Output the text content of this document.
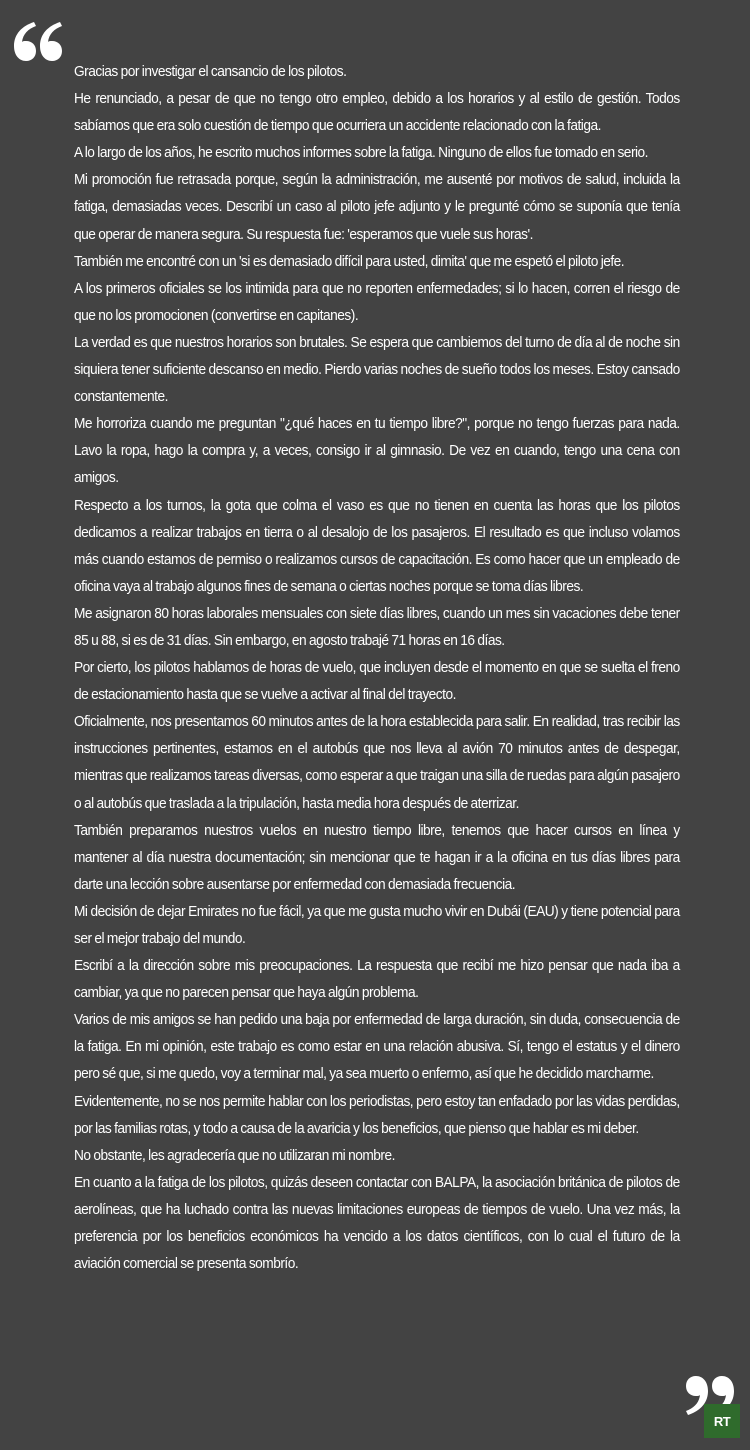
Gracias por investigar el cansancio de los pilotos.

He renunciado, a pesar de que no tengo otro empleo, debido a los horarios y al estilo de gestión. Todos sabíamos que era solo cuestión de tiempo que ocurriera un accidente relacionado con la fatiga.

A lo largo de los años, he escrito muchos informes sobre la fatiga. Ninguno de ellos fue tomado en serio.

Mi promoción fue retrasada porque, según la administración, me ausenté por motivos de salud, incluida la fatiga, demasiadas veces. Describí un caso al piloto jefe adjunto y le pregunté cómo se suponía que tenía que operar de manera segura. Su respuesta fue: 'esperamos que vuele sus horas'.

También me encontré con un 'si es demasiado difícil para usted, dimita' que me espetó el piloto jefe.

A los primeros oficiales se los intimida para que no reporten enfermedades; si lo hacen, corren el riesgo de que no los promocionen (convertirse en capitanes).

La verdad es que nuestros horarios son brutales. Se espera que cambiemos del turno de día al de noche sin siquiera tener suficiente descanso en medio. Pierdo varias noches de sueño todos los meses. Estoy cansado constantemente.

Me horroriza cuando me preguntan "¿qué haces en tu tiempo libre?", porque no tengo fuerzas para nada. Lavo la ropa, hago la compra y, a veces, consigo ir al gimnasio. De vez en cuando, tengo una cena con amigos.

Respecto a los turnos, la gota que colma el vaso es que no tienen en cuenta las horas que los pilotos dedicamos a realizar trabajos en tierra o al desalojo de los pasajeros. El resultado es que incluso volamos más cuando estamos de permiso o realizamos cursos de capacitación. Es como hacer que un empleado de oficina vaya al trabajo algunos fines de semana o ciertas noches porque se toma días libres.

Me asignaron 80 horas laborales mensuales con siete días libres, cuando un mes sin vacaciones debe tener 85 u 88, si es de 31 días. Sin embargo, en agosto trabajé 71 horas en 16 días.

Por cierto, los pilotos hablamos de horas de vuelo, que incluyen desde el momento en que se suelta el freno de estacionamiento hasta que se vuelve a activar al final del trayecto.

Oficialmente, nos presentamos 60 minutos antes de la hora establecida para salir. En realidad, tras recibir las instrucciones pertinentes, estamos en el autobús que nos lleva al avión 70 minutos antes de despegar, mientras que realizamos tareas diversas, como esperar a que traigan una silla de ruedas para algún pasajero o al autobús que traslada a la tripulación, hasta media hora después de aterrizar.

También preparamos nuestros vuelos en nuestro tiempo libre, tenemos que hacer cursos en línea y mantener al día nuestra documentación; sin mencionar que te hagan ir a la oficina en tus días libres para darte una lección sobre ausentarse por enfermedad con demasiada frecuencia.

Mi decisión de dejar Emirates no fue fácil, ya que me gusta mucho vivir en Dubái (EAU) y tiene potencial para ser el mejor trabajo del mundo.

Escribí a la dirección sobre mis preocupaciones. La respuesta que recibí me hizo pensar que nada iba a cambiar, ya que no parecen pensar que haya algún problema.

Varios de mis amigos se han pedido una baja por enfermedad de larga duración, sin duda, consecuencia de la fatiga. En mi opinión, este trabajo es como estar en una relación abusiva. Sí, tengo el estatus y el dinero pero sé que, si me quedo, voy a terminar mal, ya sea muerto o enfermo, así que he decidido marcharme.

Evidentemente, no se nos permite hablar con los periodistas, pero estoy tan enfadado por las vidas perdidas, por las familias rotas, y todo a causa de la avaricia y los beneficios, que pienso que hablar es mi deber.

No obstante, les agradecería que no utilizaran mi nombre.

En cuanto a la fatiga de los pilotos, quizás deseen contactar con BALPA, la asociación británica de pilotos de aerolíneas, que ha luchado contra las nuevas limitaciones europeas de tiempos de vuelo. Una vez más, la preferencia por los beneficios económicos ha vencido a los datos científicos, con lo cual el futuro de la aviación comercial se presenta sombrío.

RT
